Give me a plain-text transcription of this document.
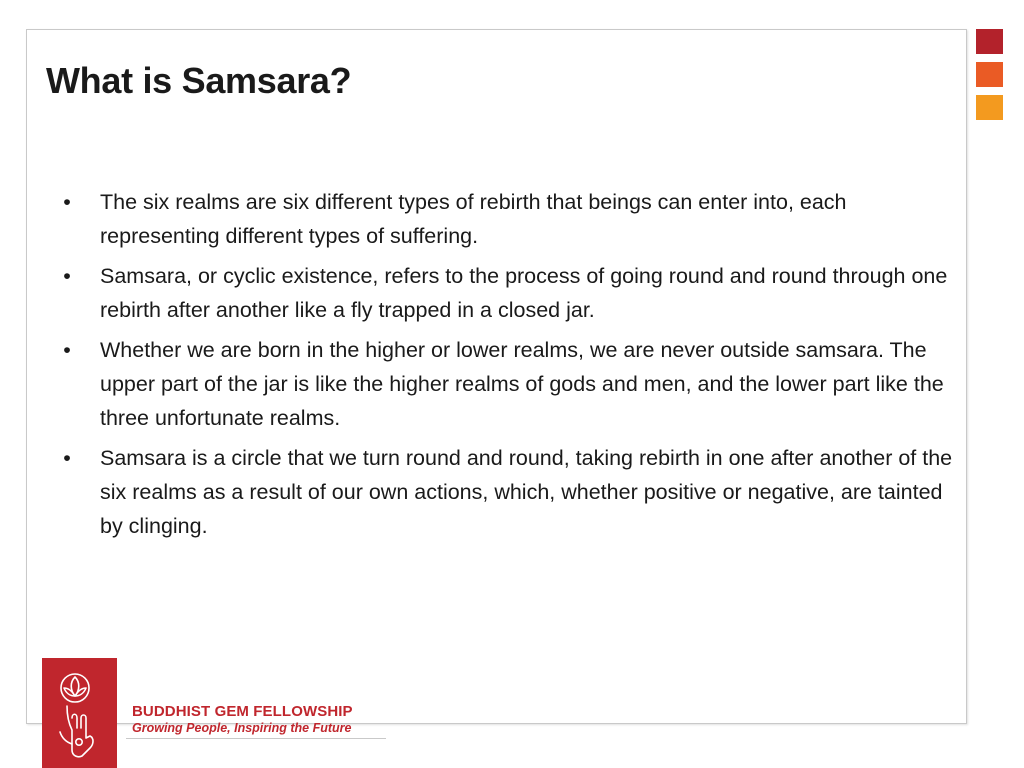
What is Samsara?
• The six realms are six different types of rebirth that beings can enter into, each representing different types of suffering.
• Samsara, or cyclic existence, refers to the process of going round and round through one rebirth after another like a fly trapped in a closed jar.
• Whether we are born in the higher or lower realms, we are never outside samsara. The upper part of the jar is like the higher realms of gods and men, and the lower part like the three unfortunate realms.
• Samsara is a circle that we turn round and round, taking rebirth in one after another of the six realms as a result of our own actions, which, whether positive or negative, are tainted by clinging.
BUDDHIST GEM FELLOWSHIP
Growing People, Inspiring the Future
